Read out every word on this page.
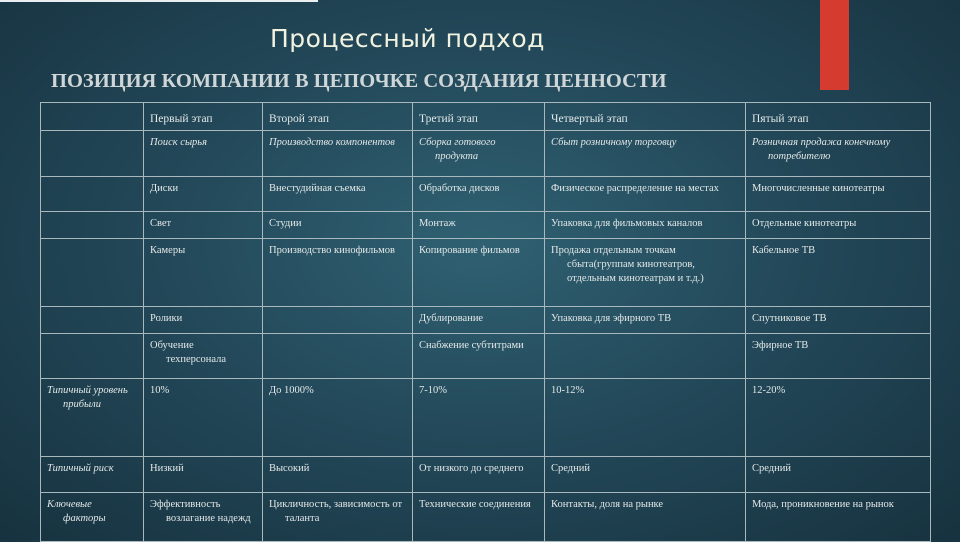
Процессный подход
ПОЗИЦИЯ КОМПАНИИ В ЦЕПОЧКЕ СОЗДАНИЯ ЦЕННОСТИ
	Первый этап	Второй этап	Третий этап	Четвертый этап	Пятый этап
	Поиск сырья	Производство компонентов	Сборка готового продукта	Сбыт розничному торговцу	Розничная продажа конечному потребителю
	Диски	Внестудийная съемка	Обработка дисков	Физическое распределение на местах	Многочисленные кинотеатры
	Свет	Студии	Монтаж	Упаковка для фильмовых каналов	Отдельные кинотеатры
	Камеры	Производство кинофильмов	Копирование фильмов	Продажа отдельным точкам сбыта(группам кинотеатров, отдельным кинотеатрам и т.д.)	Кабельное ТВ
	Ролики		Дублирование	Упаковка для эфирного ТВ	Спутниковое ТВ
	Обучение техперсонала		Снабжение субтитрами		Эфирное ТВ
Типичный уровень прибыли	10%	До 1000%	7-10%	10-12%	12-20%
Типичный риск	Низкий	Высокий	От низкого до среднего	Средний	Средний
Ключевые факторы	Эффективность возлагание надежд	Цикличность, зависимость от таланта	Технические соединения	Контакты, доля на рынке	Мода, проникновение на рынок
